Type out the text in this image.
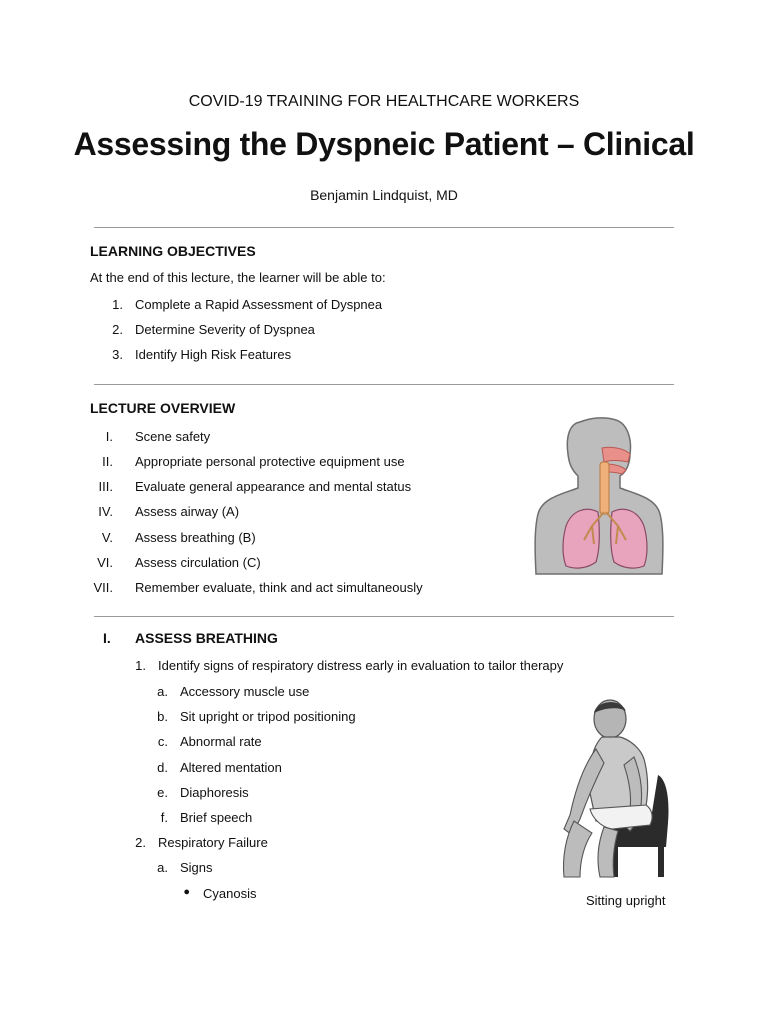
COVID-19 TRAINING FOR HEALTHCARE WORKERS
Assessing the Dyspneic Patient – Clinical
Benjamin Lindquist, MD
LEARNING OBJECTIVES
At the end of this lecture, the learner will be able to:
1. Complete a Rapid Assessment of Dyspnea
2. Determine Severity of Dyspnea
3. Identify High Risk Features
LECTURE OVERVIEW
I. Scene safety
II. Appropriate personal protective equipment use
III. Evaluate general appearance and mental status
IV. Assess airway (A)
V. Assess breathing (B)
VI. Assess circulation (C)
VII. Remember evaluate, think and act simultaneously
I. ASSESS BREATHING
1. Identify signs of respiratory distress early in evaluation to tailor therapy
a. Accessory muscle use
b. Sit upright or tripod positioning
c. Abnormal rate
d. Altered mentation
e. Diaphoresis
f. Brief speech
2. Respiratory Failure
a. Signs
● Cyanosis	Sitting upright
